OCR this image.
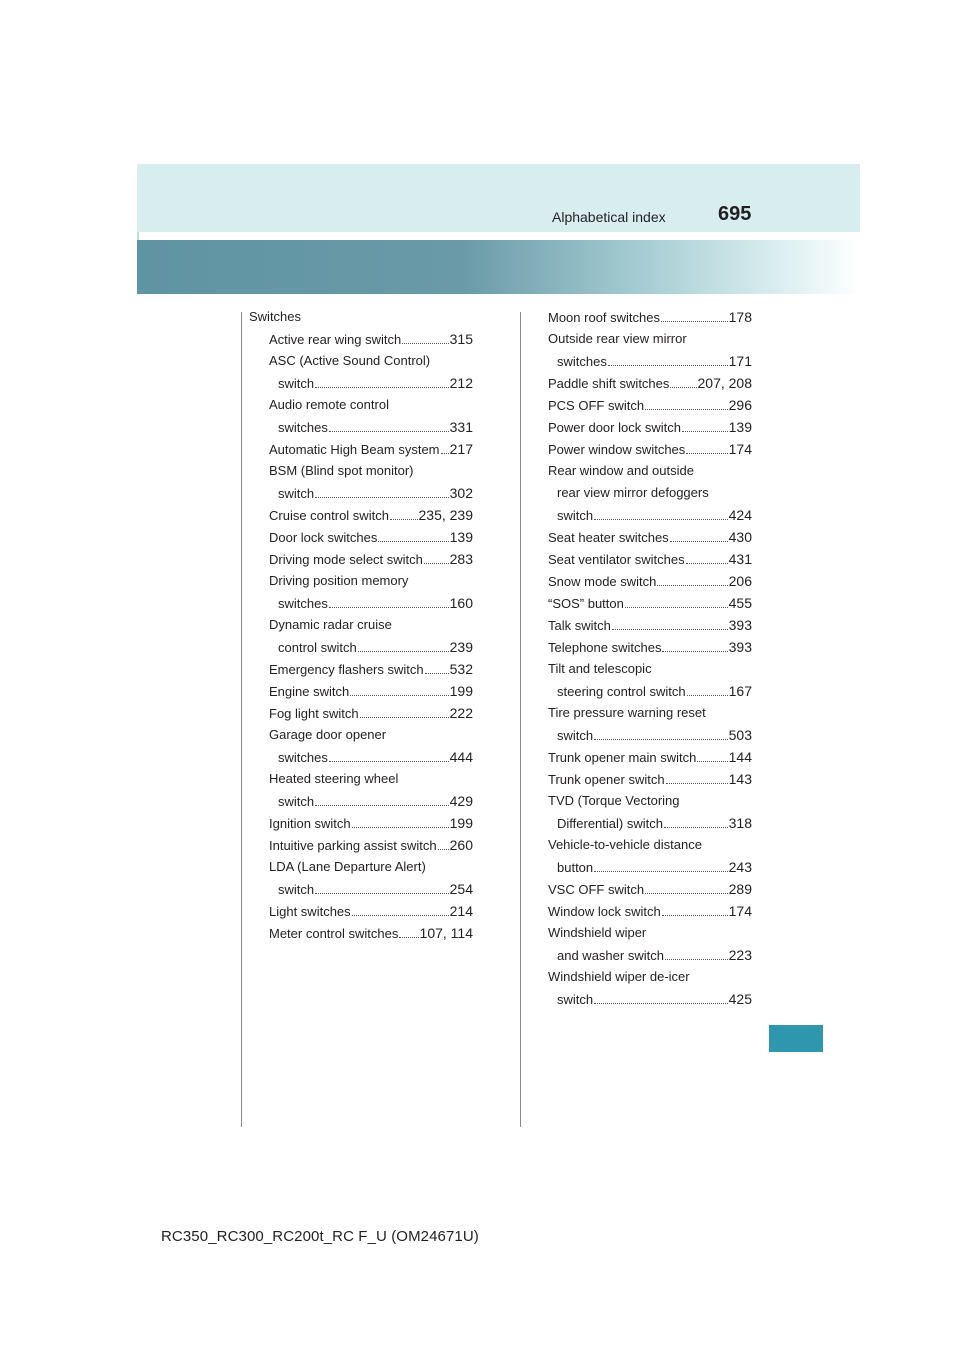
Alphabetical index	695
Switches
Active rear wing switch	315
ASC (Active Sound Control)
switch	212
Audio remote control
switches	331
Automatic High Beam system 217
BSM (Blind spot monitor)
switch	302
Cruise control switch 235, 239
Door lock switches	139
Driving mode select switch 283
Driving position memory
switches	160
Dynamic radar cruise
control switch	239
Emergency flashers switch 532
Engine switch	199
Fog light switch	222
Garage door opener
switches	444
Heated steering wheel
switch	429
Ignition switch	199
Intuitive parking assist switch 260
LDA (Lane Departure Alert)
switch	254
Light switches	214
Meter control switches 107, 114
Moon roof switches	178
Outside rear view mirror
switches	171
Paddle shift switches 207, 208
PCS OFF switch	296
Power door lock switch	139
Power window switches	174
Rear window and outside
rear view mirror defoggers
switch	424
Seat heater switches	430
Seat ventilator switches	431
Snow mode switch	206
“SOS” button	455
Talk switch	393
Telephone switches	393
Tilt and telescopic
steering control switch	167
Tire pressure warning reset
switch	503
Trunk opener main switch 144
Trunk opener switch	143
TVD (Torque Vectoring
Differential) switch	318
Vehicle-to-vehicle distance
button	243
VSC OFF switch	289
Window lock switch	174
Windshield wiper
and washer switch	223
Windshield wiper de-icer
switch	425
RC350_RC300_RC200t_RC F_U (OM24671U)
